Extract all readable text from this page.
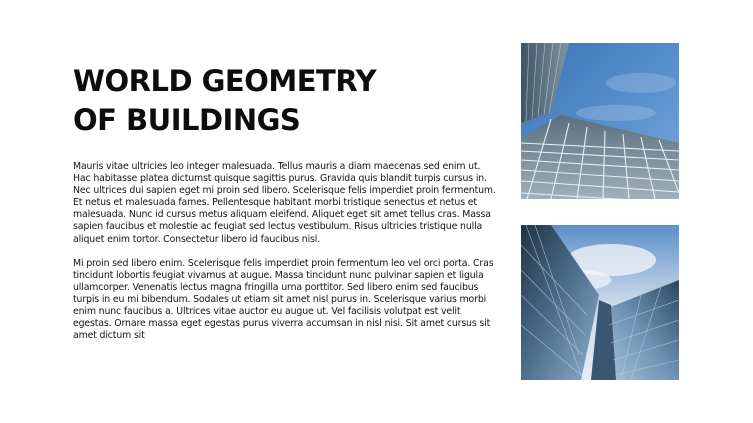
WORLD GEOMETRY
OF BUILDINGS

Mauris vitae ultricies leo integer malesuada. Tellus mauris a diam maecenas sed enim ut. Hac habitasse platea dictumst quisque sagittis purus. Gravida quis blandit turpis cursus in. Nec ultrices dui sapien eget mi proin sed libero. Scelerisque felis imperdiet proin fermentum. Et netus et malesuada fames. Pellentesque habitant morbi tristique senectus et netus et malesuada. Nunc id cursus metus aliquam eleifend. Aliquet eget sit amet tellus cras. Massa sapien faucibus et molestie ac feugiat sed lectus vestibulum. Risus ultricies tristique nulla aliquet enim tortor. Consectetur libero id faucibus nisl.

Mi proin sed libero enim. Scelerisque felis imperdiet proin fermentum leo vel orci porta. Cras tincidunt lobortis feugiat vivamus at augue. Massa tincidunt nunc pulvinar sapien et ligula ullamcorper. Venenatis lectus magna fringilla urna porttitor. Sed libero enim sed faucibus turpis in eu mi bibendum. Sodales ut etiam sit amet nisl purus in. Scelerisque varius morbi enim nunc faucibus a. Ultrices vitae auctor eu augue ut. Vel facilisis volutpat est velit egestas. Ornare massa eget egestas purus viverra accumsan in nisl nisi. Sit amet cursus sit amet dictum sit
